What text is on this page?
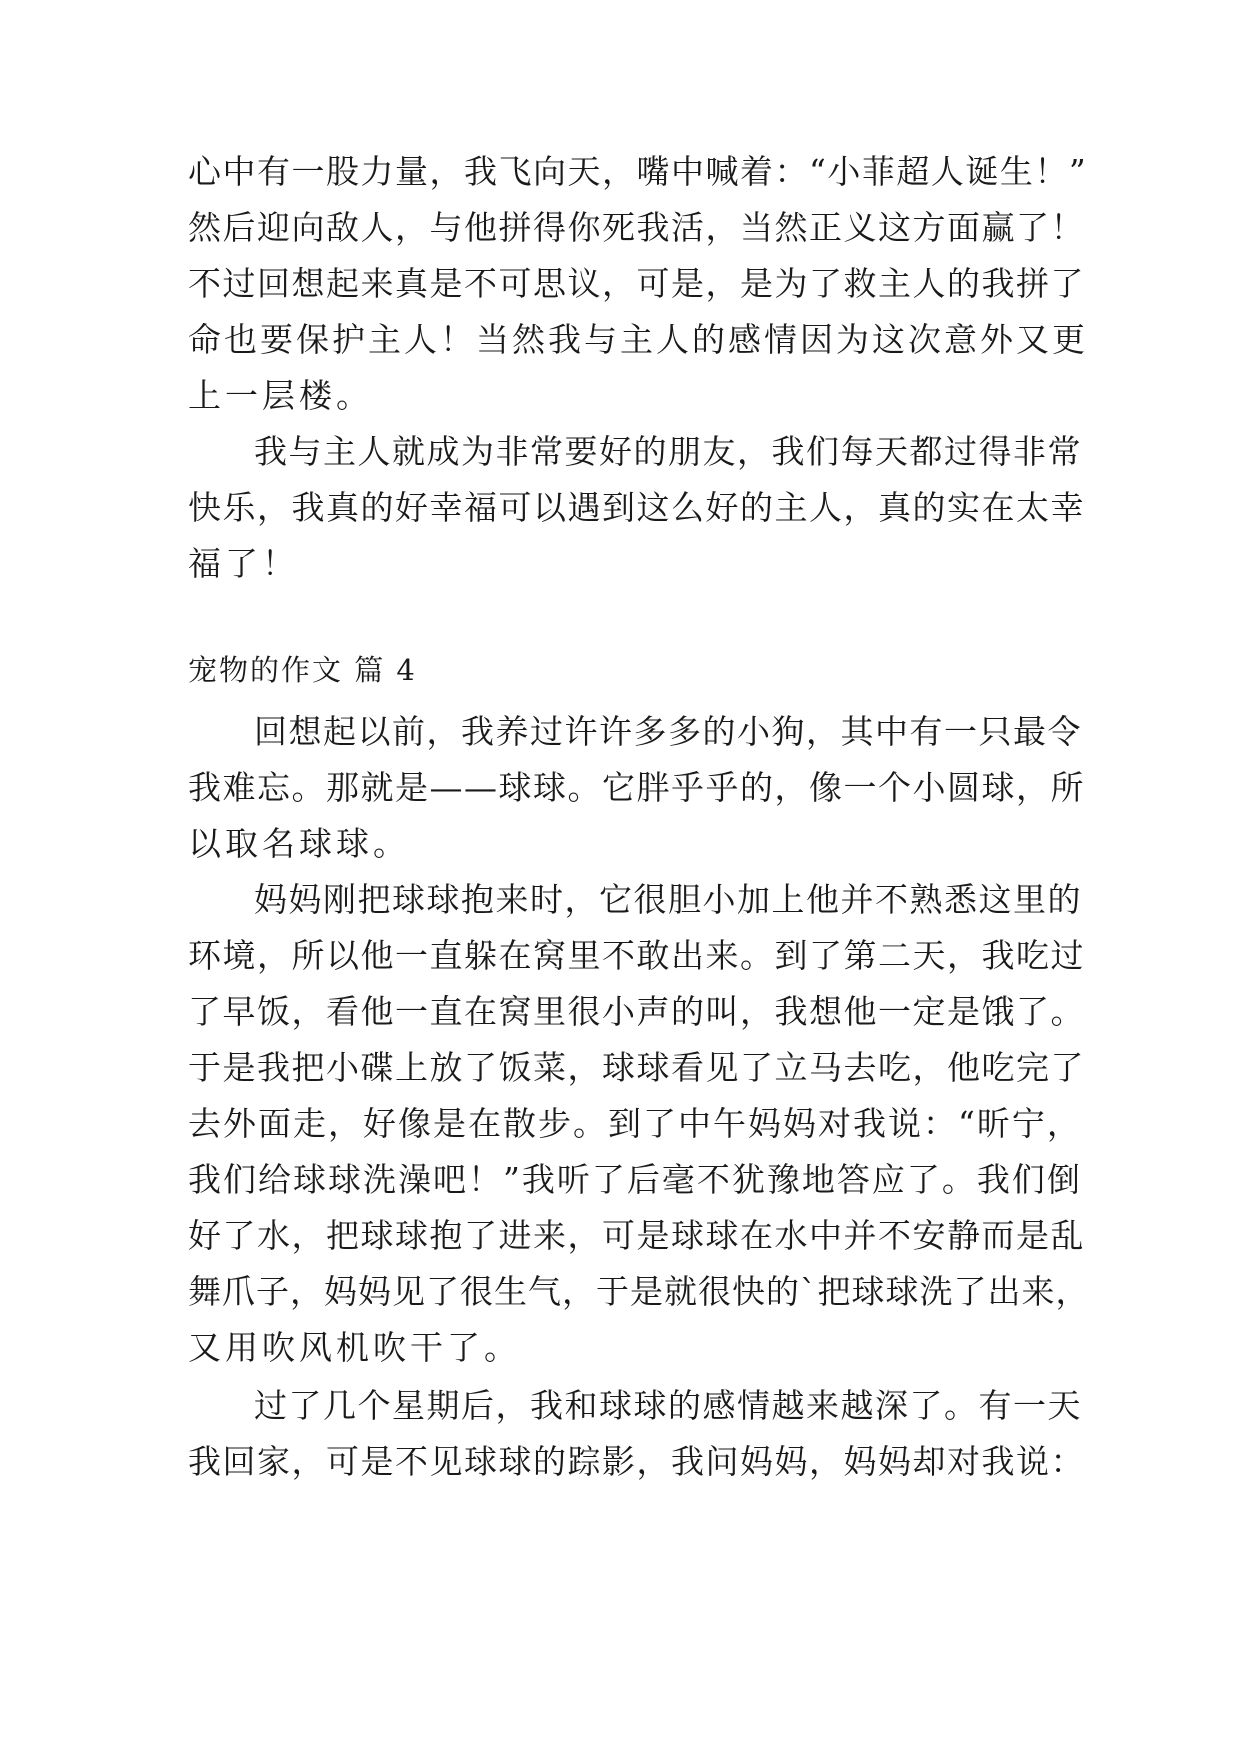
心中有一股力量，我飞向天，嘴中喊着：“小菲超人诞生！”
然后迎向敌人，与他拼得你死我活，当然正义这方面赢了！
不过回想起来真是不可思议，可是，是为了救主人的我拼了
命也要保护主人！当然我与主人的感情因为这次意外又更
上一层楼。
我与主人就成为非常要好的朋友，我们每天都过得非常
快乐，我真的好幸福可以遇到这么好的主人，真的实在太幸
福了！
宠物的作文 篇 4
回想起以前，我养过许许多多的小狗，其中有一只最令
我难忘。那就是——球球。它胖乎乎的，像一个小圆球，所
以取名球球。
妈妈刚把球球抱来时，它很胆小加上他并不熟悉这里的
环境，所以他一直躲在窝里不敢出来。到了第二天，我吃过
了早饭，看他一直在窝里很小声的叫，我想他一定是饿了。
于是我把小碟上放了饭菜，球球看见了立马去吃，他吃完了
去外面走，好像是在散步。到了中午妈妈对我说：“昕宁，
我们给球球洗澡吧！”我听了后毫不犹豫地答应了。我们倒
好了水，把球球抱了进来，可是球球在水中并不安静而是乱
舞爪子，妈妈见了很生气，于是就很快的`把球球洗了出来，
又用吹风机吹干了。
过了几个星期后，我和球球的感情越来越深了。有一天
我回家，可是不见球球的踪影，我问妈妈，妈妈却对我说：
